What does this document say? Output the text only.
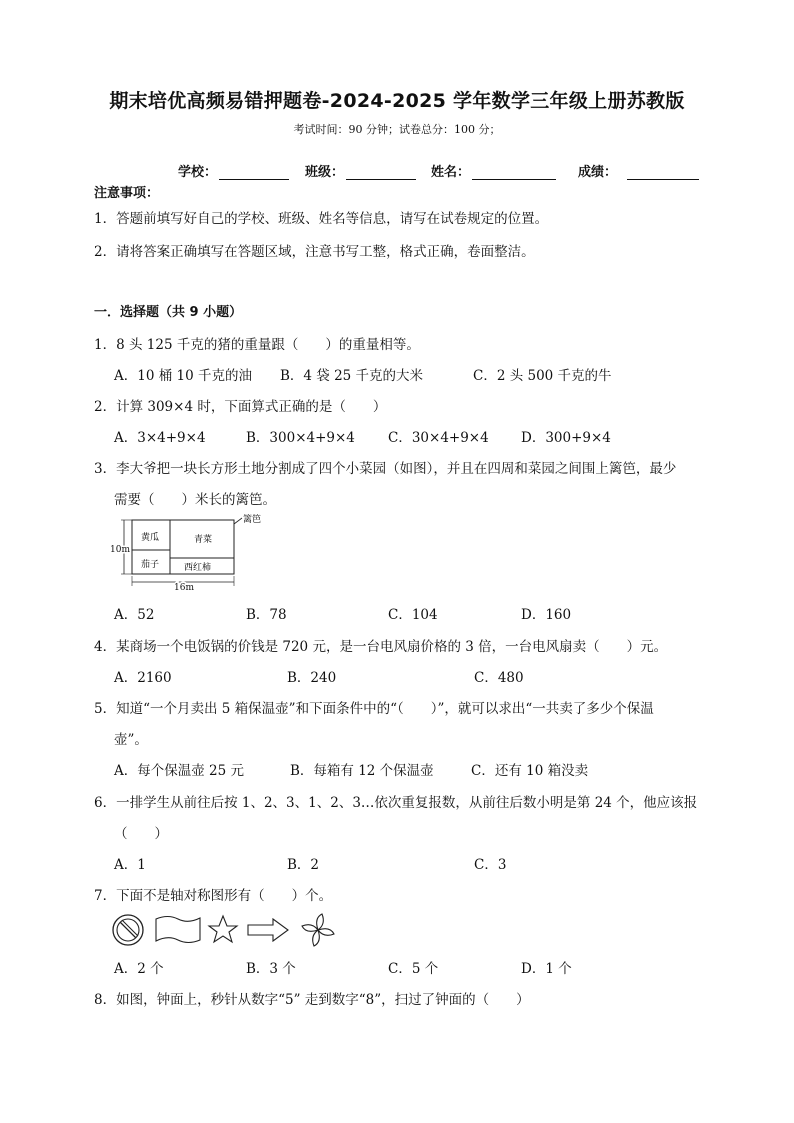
期末培优高频易错押题卷-2024-2025 学年数学三年级上册苏教版
考试时间：90 分钟；试卷总分：100 分；
学校：	班级：	姓名：	成绩：
注意事项：
1．答题前填写好自己的学校、班级、姓名等信息，请写在试卷规定的位置。
2．请将答案正确填写在答题区域，注意书写工整，格式正确，卷面整洁。
一．选择题（共 9 小题）
1．8 头 125 千克的猪的重量跟（　　）的重量相等。
A．10 桶 10 千克的油 B．4 袋 25 千克的大米	C．2 头 500 千克的牛
2．计算 309×4 时，下面算式正确的是（　　）
A．3×4+9×4	B．300×4+9×4 C．30×4+9×4 D．300+9×4
3．李大爷把一块长方形土地分割成了四个小菜园（如图），并且在四周和菜园之间围上篱笆，最少
需要（　　）米长的篱笆。
篱笆
黄瓜	青菜
茄子	西红柿
10m
16m
A．52	B．78	C．104	D．160
4．某商场一个电饭锅的价钱是 720 元，是一台电风扇价格的 3 倍，一台电风扇卖（　　）元。
A．2160	B．240	C．480
5．知道“一个月卖出 5 箱保温壶”和下面条件中的“（　　）”，就可以求出“一共卖了多少个保温
壶”。
A．每个保温壶 25 元	B．每箱有 12 个保温壶	C．还有 10 箱没卖
6．一排学生从前往后按 1、2、3、1、2、3…依次重复报数，从前往后数小明是第 24 个，他应该报
（　　）
A．1	B．2	C．3
7．下面不是轴对称图形有（　　）个。
A．2 个	B．3 个	C．5 个	D．1 个
8．如图，钟面上，秒针从数字“5” 走到数字“8”，扫过了钟面的（　　）
